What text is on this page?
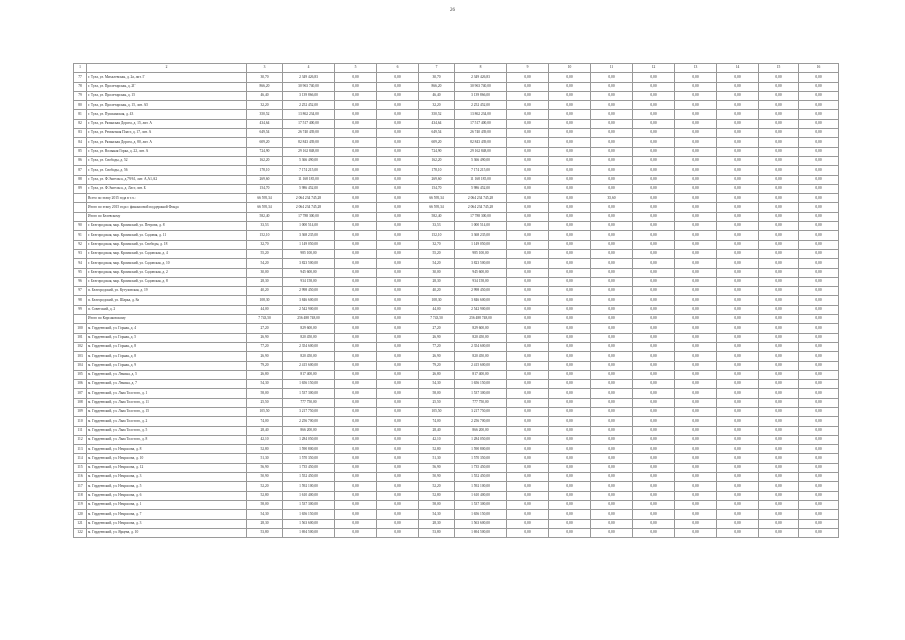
26
1	2	3	4	5	6	7	8	9	10	11	12	13	14	15	16
77	г. Тула, ул. Михалевская, д. 2а, лит. Г	30,70	2 349 426,83	0,00	0,00	30,70	2 349 426,83	0,00	0,00	0,00	0,00	0,00	0,00	0,00	0,00
78	г. Тула, ул. Пролетарская, д. 2Г	866,20	30 963 740,00	0,00	0,00	866,20	30 963 740,00	0,00	0,00	0,00	0,00	0,00	0,00	0,00	0,00
79	г. Тула, ул. Пролетарская, д. 15	46,40	3 139 866,00	0,00	0,00	46,40	3 139 866,00	0,00	0,00	0,00	0,00	0,00	0,00	0,00	0,00
80	г. Тула, ул. Пролетарская, д. 15, лит. А5	32,20	2 252 452,00	0,00	0,00	32,20	2 252 452,00	0,00	0,00	0,00	0,00	0,00	0,00	0,00	0,00
81	г. Тула, ул. Пушкинская, д. 43	350,52	13 862 234,00	0,00	0,00	350,52	13 862 234,00	0,00	0,00	0,00	0,00	0,00	0,00	0,00	0,00
82	г. Тула, ул. Рязанская Дорога, д. 15, лит. А	434,64	17 517 400,00	0,00	0,00	434,64	17 517 400,00	0,00	0,00	0,00	0,00	0,00	0,00	0,00	0,00
83	г. Тула, ул. Ремонтная Пласт, д. 17, лит. А	649,54	26 740 439,00	0,00	0,00	649,54	26 740 439,00	0,00	0,00	0,00	0,00	0,00	0,00	0,00	0,00
84	г. Тула, ул. Рязанская Дорога, д. 80, лит. А	609,20	82 843 439,00	0,00	0,00	609,20	82 843 439,00	0,00	0,00	0,00	0,00	0,00	0,00	0,00	0,00
85	г. Тула, ул. Волыная Горка, д. 22, лит. А	724,90	29 162 848,00	0,00	0,00	724,90	29 162 848,00	0,00	0,00	0,00	0,00	0,00	0,00	0,00	0,00
86	г. Тула, ул. Свободы, д. 52	162,20	5 366 490,00	0,00	0,00	162,20	5 366 490,00	0,00	0,00	0,00	0,00	0,00	0,00	0,00	0,00
87	г. Тула, ул. Свободы, д. 56	178,10	7 174 215,00	0,00	0,00	178,10	7 174 215,00	0,00	0,00	0,00	0,00	0,00	0,00	0,00	0,00
88	г. Тула, ул. Ф.Энгельса, д.79/61, лит. А,А1,А2	269,60	11 168 185,00	0,00	0,00	269,60	11 168 185,00	0,00	0,00	0,00	0,00	0,00	0,00	0,00	0,00
89	г. Тула, ул. Ф.Энгельса, д. Ласт, лит. Б	154,70	5 986 452,00	0,00	0,00	154,70	5 986 452,00	0,00	0,00	0,00	0,00	0,00	0,00	0,00	0,00
	Всего по этапу 2015 года в т.ч.:	66 595,34	2 064 234 745,28	0,00	0,00	66 595,34	2 064 234 745,28	0,00	0,00	35,60	0,00	0,00	0,00	0,00	0,00
	Итого по этапу 2015 года с финансовой поддержкой Фонда	66 595,34	2 064 234 745,28	0,00	0,00	66 595,34	2 064 234 745,28	0,00	0,00	0,00	0,00	0,00	0,00	0,00	0,00
	Итого по Белевскому	582,40	17 788 300,00	0,00	0,00	582,40	17 788 300,00	0,00	0,00	0,00	0,00	0,00	0,00	0,00	0,00
90	г. Белгородская, мкр. Кромаский, ул. Петрова, д. 8	33,53	1 000 514,00	0,00	0,00	33,53	1 000 514,00	0,00	0,00	0,00	0,00	0,00	0,00	0,00	0,00
91	г. Белгородская, мкр. Кромаский, ул. Садовая, д. 11	152,10	3 368 235,00	0,00	0,00	152,10	3 368 235,00	0,00	0,00	0,00	0,00	0,00	0,00	0,00	0,00
92	г. Белгородская, мкр. Кромаский, ул. Свободы, д. 18	32,70	1 149 050,00	0,00	0,00	32,70	1 149 050,00	0,00	0,00	0,00	0,00	0,00	0,00	0,00	0,00
93	г. Белгородская, мкр. Кромаский, ул. Садовская, д. 4	55,20	985 100,00	0,00	0,00	55,20	985 100,00	0,00	0,00	0,00	0,00	0,00	0,00	0,00	0,00
94	г. Белгородская, мкр. Кромаский, ул. Садовская, д. 10	54,20	3 823 500,00	0,00	0,00	54,20	3 823 500,00	0,00	0,00	0,00	0,00	0,00	0,00	0,00	0,00
95	г. Белгородская, мкр. Кромаский, ул. Садовская, д. 2	30,00	945 600,00	0,00	0,00	30,00	945 600,00	0,00	0,00	0,00	0,00	0,00	0,00	0,00	0,00
96	г. Белгородская, мкр. Кромаский, ул. Садовская, д. 8	28,30	934 158,00	0,00	0,00	28,30	934 158,00	0,00	0,00	0,00	0,00	0,00	0,00	0,00	0,00
97	п. Белгородский, ул. Кутузовская, д. 19	40,20	2 998 450,00	0,00	0,00	40,20	2 998 450,00	0,00	0,00	0,00	0,00	0,00	0,00	0,00	0,00
98	п. Белгородский, ул. Шарка, д. 8а	108,30	3 846 600,00	0,00	0,00	108,30	3 846 600,00	0,00	0,00	0,00	0,00	0,00	0,00	0,00	0,00
99	п. Советский, д. 2	44,00	2 542 900,00	0,00	0,00	44,00	2 542 900,00	0,00	0,00	0,00	0,00	0,00	0,00	0,00	0,00
	Итого по Корсаковскому	7 743,50	256 488 748,00	0,00	0,00	7 743,50	256 488 748,00	0,00	0,00	0,00	0,00	0,00	0,00	0,00	0,00
100	м. Гордеевский, ул. Горная, д. 4	27,20	829 600,00	0,00	0,00	27,20	829 600,00	0,00	0,00	0,00	0,00	0,00	0,00	0,00	0,00
101	м. Гордеевский, ул. Горная, д. 5	26,90	820 450,00	0,00	0,00	26,90	820 450,00	0,00	0,00	0,00	0,00	0,00	0,00	0,00	0,00
102	м. Гордеевский, ул. Горная, д. 8	77,20	2 354 600,00	0,00	0,00	77,20	2 354 600,00	0,00	0,00	0,00	0,00	0,00	0,00	0,00	0,00
103	м. Гордеевский, ул. Горная, д. 8	26,90	820 450,00	0,00	0,00	26,90	820 450,00	0,00	0,00	0,00	0,00	0,00	0,00	0,00	0,00
104	м. Гордеевский, ул. Горная, д. 9	79,20	2 415 600,00	0,00	0,00	79,20	2 415 600,00	0,00	0,00	0,00	0,00	0,00	0,00	0,00	0,00
105	м. Гордеевский, ул. Ленина, д. 5	26,80	817 400,00	0,00	0,00	26,80	817 400,00	0,00	0,00	0,00	0,00	0,00	0,00	0,00	0,00
106	м. Гордеевский, ул. Ленина, д. 7	54,30	1 656 150,00	0,00	0,00	54,30	1 656 150,00	0,00	0,00	0,00	0,00	0,00	0,00	0,00	0,00
107	м. Гордеевский, ул. Льва Толстого, д. 1	58,00	1 537 300,00	0,00	0,00	58,00	1 537 300,00	0,00	0,00	0,00	0,00	0,00	0,00	0,00	0,00
108	м. Гордеевский, ул. Льва Толстого, д. 11	25,50	777 750,00	0,00	0,00	25,50	777 750,00	0,00	0,00	0,00	0,00	0,00	0,00	0,00	0,00
109	м. Гордеевский, ул. Льва Толстого, д. 15	105,50	3 217 750,00	0,00	0,00	105,50	3 217 750,00	0,00	0,00	0,00	0,00	0,00	0,00	0,00	0,00
110	м. Гордеевский, ул. Льва Толстого, д. 2	74,00	2 256 700,00	0,00	0,00	74,00	2 256 700,00	0,00	0,00	0,00	0,00	0,00	0,00	0,00	0,00
111	м. Гордеевский, ул. Льва Толстого, д. 5	28,40	866 200,00	0,00	0,00	28,40	866 200,00	0,00	0,00	0,00	0,00	0,00	0,00	0,00	0,00
112	м. Гордеевский, ул. Льва Толстого, д. 8	42,10	1 284 050,00	0,00	0,00	42,10	1 284 050,00	0,00	0,00	0,00	0,00	0,00	0,00	0,00	0,00
113	м. Гордеевский, ул. Некрасова, д. 8	52,80	1 590 800,00	0,00	0,00	52,80	1 590 800,00	0,00	0,00	0,00	0,00	0,00	0,00	0,00	0,00
114	м. Гордеевский, ул. Некрасова, д. 10	51,30	1 570 350,00	0,00	0,00	51,30	1 570 350,00	0,00	0,00	0,00	0,00	0,00	0,00	0,00	0,00
115	м. Гордеевский, ул. Некрасова, д. 12	56,90	1 735 450,00	0,00	0,00	56,90	1 735 450,00	0,00	0,00	0,00	0,00	0,00	0,00	0,00	0,00
116	м. Гордеевский, ул. Некрасова, д. 3	50,90	1 552 450,00	0,00	0,00	50,90	1 552 450,00	0,00	0,00	0,00	0,00	0,00	0,00	0,00	0,00
117	м. Гордеевский, ул. Некрасова, д. 5	52,20	1 592 100,00	0,00	0,00	52,20	1 592 100,00	0,00	0,00	0,00	0,00	0,00	0,00	0,00	0,00
118	м. Гордеевский, ул. Некрасова, д. 6	52,80	1 610 400,00	0,00	0,00	52,80	1 610 400,00	0,00	0,00	0,00	0,00	0,00	0,00	0,00	0,00
119	м. Гордеевский, ул. Некрасова, д. 1	58,00	1 537 300,00	0,00	0,00	58,00	1 537 300,00	0,00	0,00	0,00	0,00	0,00	0,00	0,00	0,00
120	м. Гордеевский, ул. Некрасова, д. 7	54,30	1 656 150,00	0,00	0,00	54,30	1 656 150,00	0,00	0,00	0,00	0,00	0,00	0,00	0,00	0,00
121	м. Гордеевский, ул. Некрасова, д. 3	28,30	1 563 600,00	0,00	0,00	28,30	1 563 600,00	0,00	0,00	0,00	0,00	0,00	0,00	0,00	0,00
122	м. Гордеевский, ул. Ярцева, д. 10	53,80	1 694 500,00	0,00	0,00	53,80	1 694 500,00	0,00	0,00	0,00	0,00	0,00	0,00	0,00	0,00
